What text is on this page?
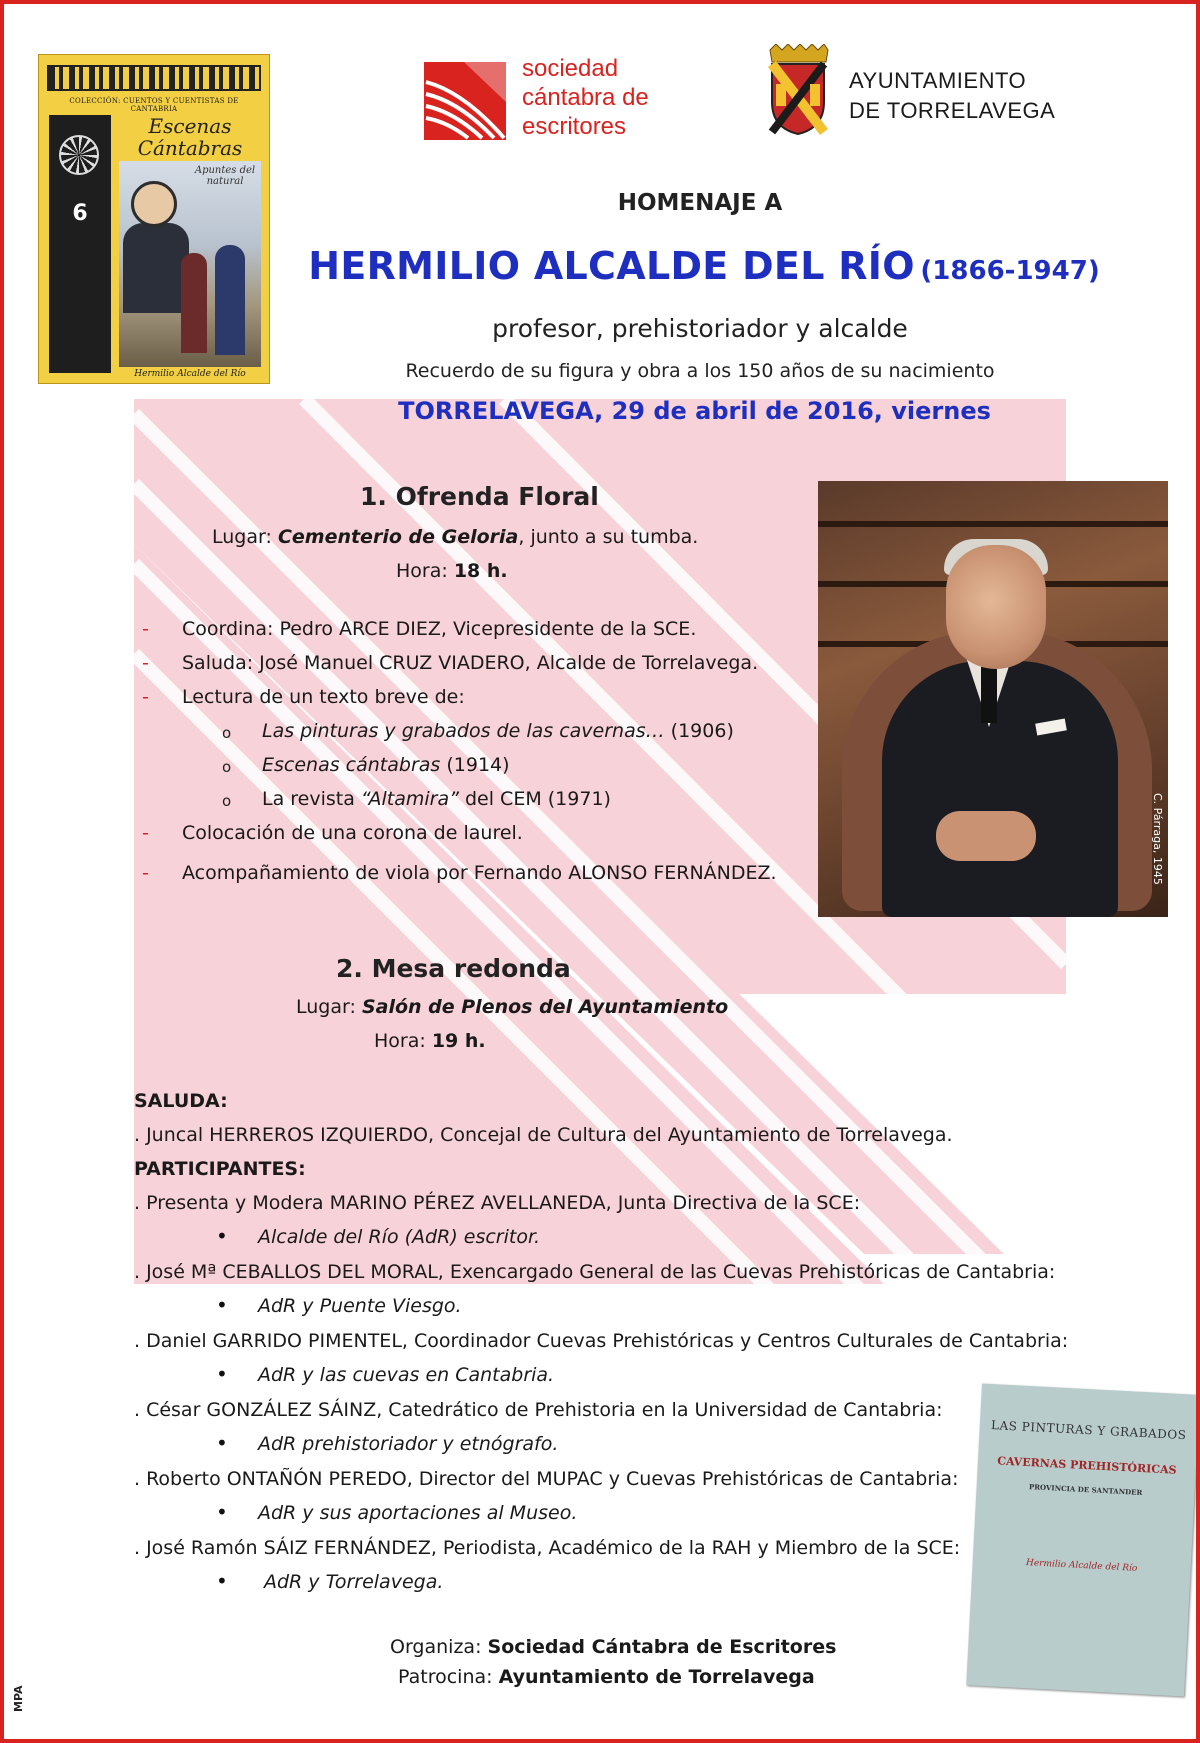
COLECCIÓN: CUENTOS Y CUENTISTAS DE CANTABRIA
6
Escenas
Cántabras
Apuntes del natural
Hermilio Alcalde del Río
sociedad
cántabra de
escritores
AYUNTAMIENTO
DE TORRELAVEGA
HOMENAJE A
HERMILIO ALCALDE DEL RÍO (1866-1947)
profesor, prehistoriador y alcalde
Recuerdo de su figura y obra a los 150 años de su nacimiento
TORRELAVEGA, 29 de abril de 2016, viernes
C. Párraga, 1945
1. Ofrenda Floral
Lugar: Cementerio de Geloria, junto a su tumba.
Hora: 18 h.
- Coordina: Pedro ARCE DIEZ, Vicepresidente de la SCE.
- Saluda: José Manuel CRUZ VIADERO, Alcalde de Torrelavega.
- Lectura de un texto breve de:
o Las pinturas y grabados de las cavernas… (1906)
o Escenas cántabras (1914)
o La revista “Altamira” del CEM (1971)
- Colocación de una corona de laurel.
- Acompañamiento de viola por Fernando ALONSO FERNÁNDEZ.
2. Mesa redonda
Lugar: Salón de Plenos del Ayuntamiento
Hora: 19 h.
SALUDA:
. Juncal HERREROS IZQUIERDO, Concejal de Cultura del Ayuntamiento de Torrelavega.
PARTICIPANTES:
. Presenta y Modera MARINO PÉREZ AVELLANEDA, Junta Directiva de la SCE:
• Alcalde del Río (AdR) escritor.
. José Mª CEBALLOS DEL MORAL, Exencargado General de las Cuevas Prehistóricas de Cantabria:
• AdR y Puente Viesgo.
. Daniel GARRIDO PIMENTEL, Coordinador Cuevas Prehistóricas y Centros Culturales de Cantabria:
• AdR y las cuevas en Cantabria.
. César GONZÁLEZ SÁINZ, Catedrático de Prehistoria en la Universidad de Cantabria:
• AdR prehistoriador y etnógrafo.
. Roberto ONTAÑÓN PEREDO, Director del MUPAC y Cuevas Prehistóricas de Cantabria:
• AdR y sus aportaciones al Museo.
. José Ramón SÁIZ FERNÁNDEZ, Periodista, Académico de la RAH y Miembro de la SCE:
• AdR y Torrelavega.
LAS PINTURAS Y GRABADOS
CAVERNAS PREHISTÓRICAS
PROVINCIA DE SANTANDER
Hermilio Alcalde del Río
Organiza: Sociedad Cántabra de Escritores
Patrocina: Ayuntamiento de Torrelavega
MPA
